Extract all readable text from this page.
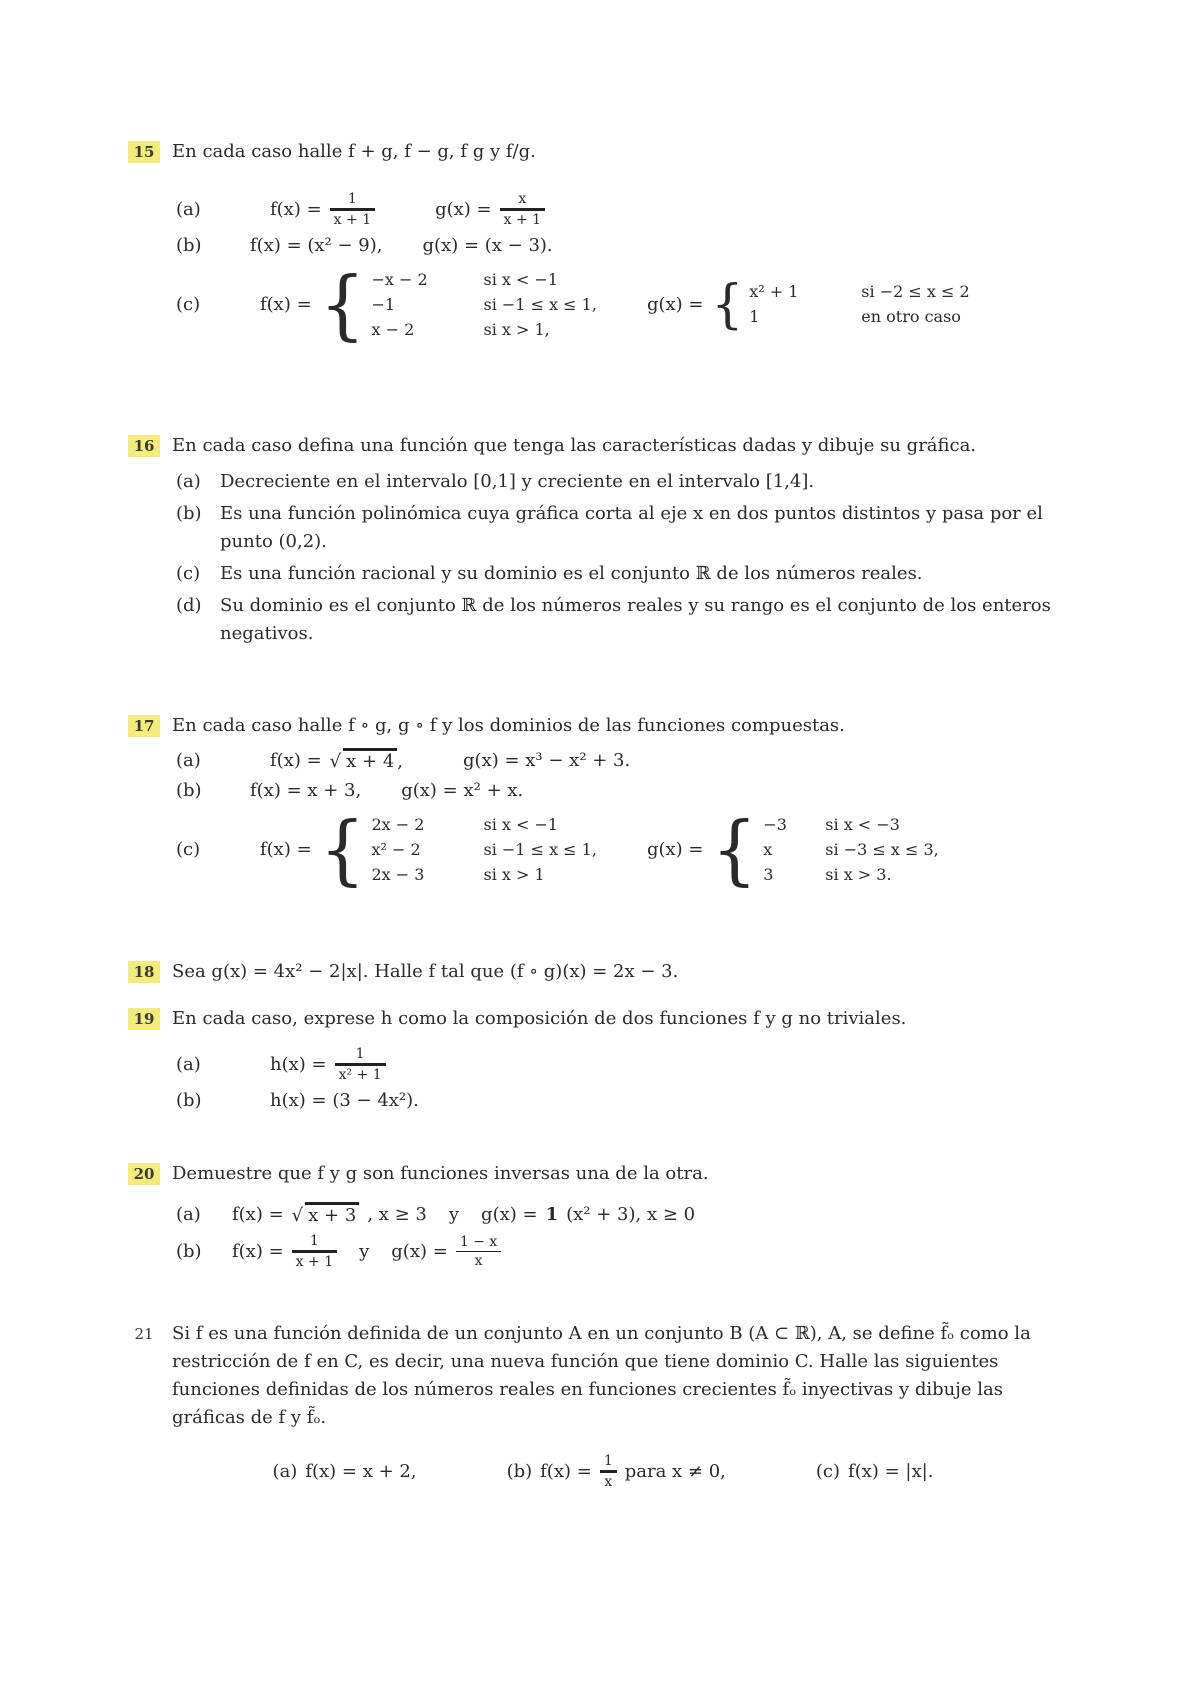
15 En cada caso halle f + g, f − g, f g y f/g.
(a)	$f(x) = \frac{1}{x + 1}$	$g(x) = \frac{x}{x + 1}$
(b)	f(x) = (x² − 9), g(x) = (x − 3).
(c)	f(x) = { −x − 2	si x < −1
−1	si −1 ≤ x ≤ 1,
x − 2	si x > 1,
g(x) = { x² + 1	si −2 ≤ x ≤ 2
1	en otro caso
16 En cada caso defina una función que tenga las características dadas y dibuje su gráfica.
(a)	Decreciente en el intervalo [0,1] y creciente en el intervalo [1,4].
(b)	Es una función polinómica cuya gráfica corta al eje x en dos puntos distintos y pasa por el punto (0,2).
(c)	Es una función racional y su dominio es el conjunto ℝ de los números reales.
(d)	Su dominio es el conjunto ℝ de los números reales y su rango es el conjunto de los enteros negativos.
17 En cada caso halle f ∘ g, g ∘ f y los dominios de las funciones compuestas.
(a)	f(x) = √ x + 4 ,	g(x) = x³ − x² + 3.
(b)	f(x) = x + 3, g(x) = x² + x.
(c)	f(x) = { 2x − 2	si x < −1
x² − 2	si −1 ≤ x ≤ 1,
2x − 3	si x > 1
g(x) = { −3	si x < −3
x	si −3 ≤ x ≤ 3,
3	si x > 3.
18 Sea g(x) = 4x² − 2|x|. Halle f tal que (f ∘ g)(x) = 2x − 3.
19 En cada caso, exprese h como la composición de dos funciones f y g no triviales.
(a)	$h(x) = \frac{1}{\text{x² + 1}}$
(b)	h(x) = (3 − 4x²).
20 Demuestre que f y g son funciones inversas una de la otra.
(a)	f(x) = √ x + 3 , x ≥ 3 y g(x) = 1 (x² + 3), x ≥ 0
(b)	$f(x) = \frac{1}{x + 1}$ y $g(x) = \frac{1 - x}{x}$
21	Si f es una función definida de un conjunto A en un conjunto B (A ⊂ ℝ), A, se define f̃ₒ como la restricción de f en C, es decir, una nueva función que tiene dominio C. Halle las siguientes funciones definidas de los números reales en funciones crecientes f̃ₒ inyectivas y dibuje las gráficas de f y f̃ₒ.
(a) f(x) = x + 2,	(b) $f(x) = \frac{1}{x}$ para x ≠ 0,	(c) f(x) = |x|.
